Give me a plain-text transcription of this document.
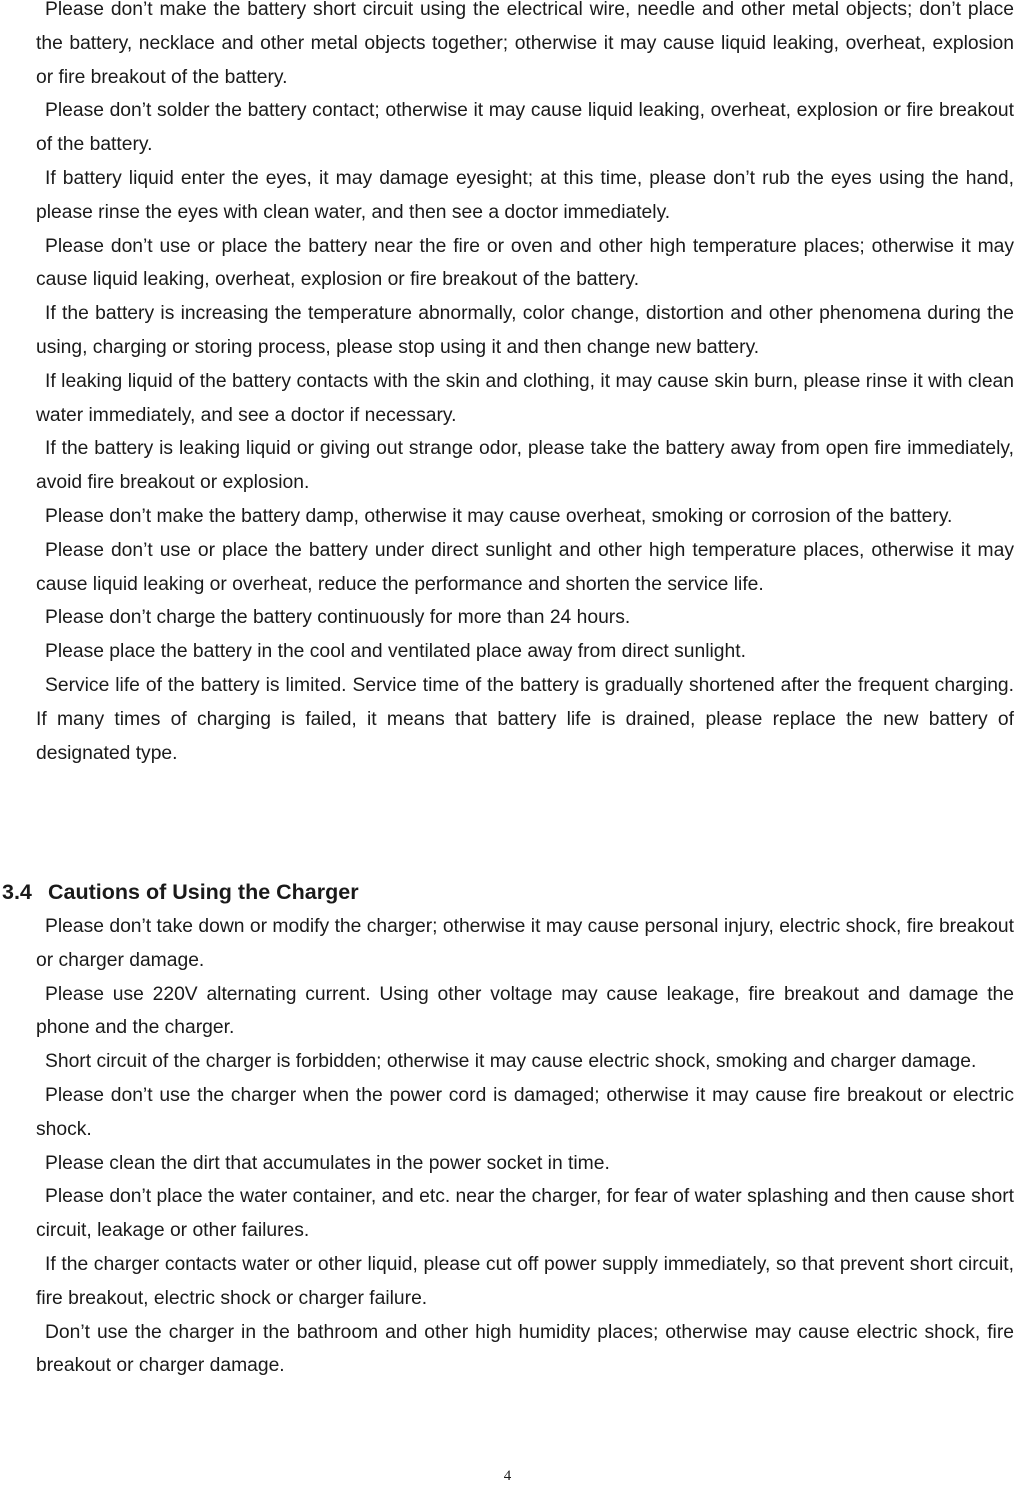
Please don’t make the battery short circuit using the electrical wire, needle and other metal objects; don’t place the battery, necklace and other metal objects together; otherwise it may cause liquid leaking, overheat, explosion or fire breakout of the battery.

Please don’t solder the battery contact; otherwise it may cause liquid leaking, overheat, explosion or fire breakout of the battery.

If battery liquid enter the eyes, it may damage eyesight; at this time, please don’t rub the eyes using the hand, please rinse the eyes with clean water, and then see a doctor immediately.

Please don’t use or place the battery near the fire or oven and other high temperature places; otherwise it may cause liquid leaking, overheat, explosion or fire breakout of the battery.

If the battery is increasing the temperature abnormally, color change, distortion and other phenomena during the using, charging or storing process, please stop using it and then change new battery.

If leaking liquid of the battery contacts with the skin and clothing, it may cause skin burn, please rinse it with clean water immediately, and see a doctor if necessary.

If the battery is leaking liquid or giving out strange odor, please take the battery away from open fire immediately, avoid fire breakout or explosion.

Please don’t make the battery damp, otherwise it may cause overheat, smoking or corrosion of the battery.

Please don’t use or place the battery under direct sunlight and other high temperature places, otherwise it may cause liquid leaking or overheat, reduce the performance and shorten the service life.

Please don’t charge the battery continuously for more than 24 hours.

Please place the battery in the cool and ventilated place away from direct sunlight.

Service life of the battery is limited. Service time of the battery is gradually shortened after the frequent charging. If many times of charging is failed, it means that battery life is drained, please replace the new battery of designated type.

3.4 Cautions of Using the Charger

Please don’t take down or modify the charger; otherwise it may cause personal injury, electric shock, fire breakout or charger damage.

Please use 220V alternating current. Using other voltage may cause leakage, fire breakout and damage the phone and the charger.

Short circuit of the charger is forbidden; otherwise it may cause electric shock, smoking and charger damage.

Please don’t use the charger when the power cord is damaged; otherwise it may cause fire breakout or electric shock.

Please clean the dirt that accumulates in the power socket in time.

Please don’t place the water container, and etc. near the charger, for fear of water splashing and then cause short circuit, leakage or other failures.

If the charger contacts water or other liquid, please cut off power supply immediately, so that prevent short circuit, fire breakout, electric shock or charger failure.

Don’t use the charger in the bathroom and other high humidity places; otherwise may cause electric shock, fire breakout or charger damage.

4
